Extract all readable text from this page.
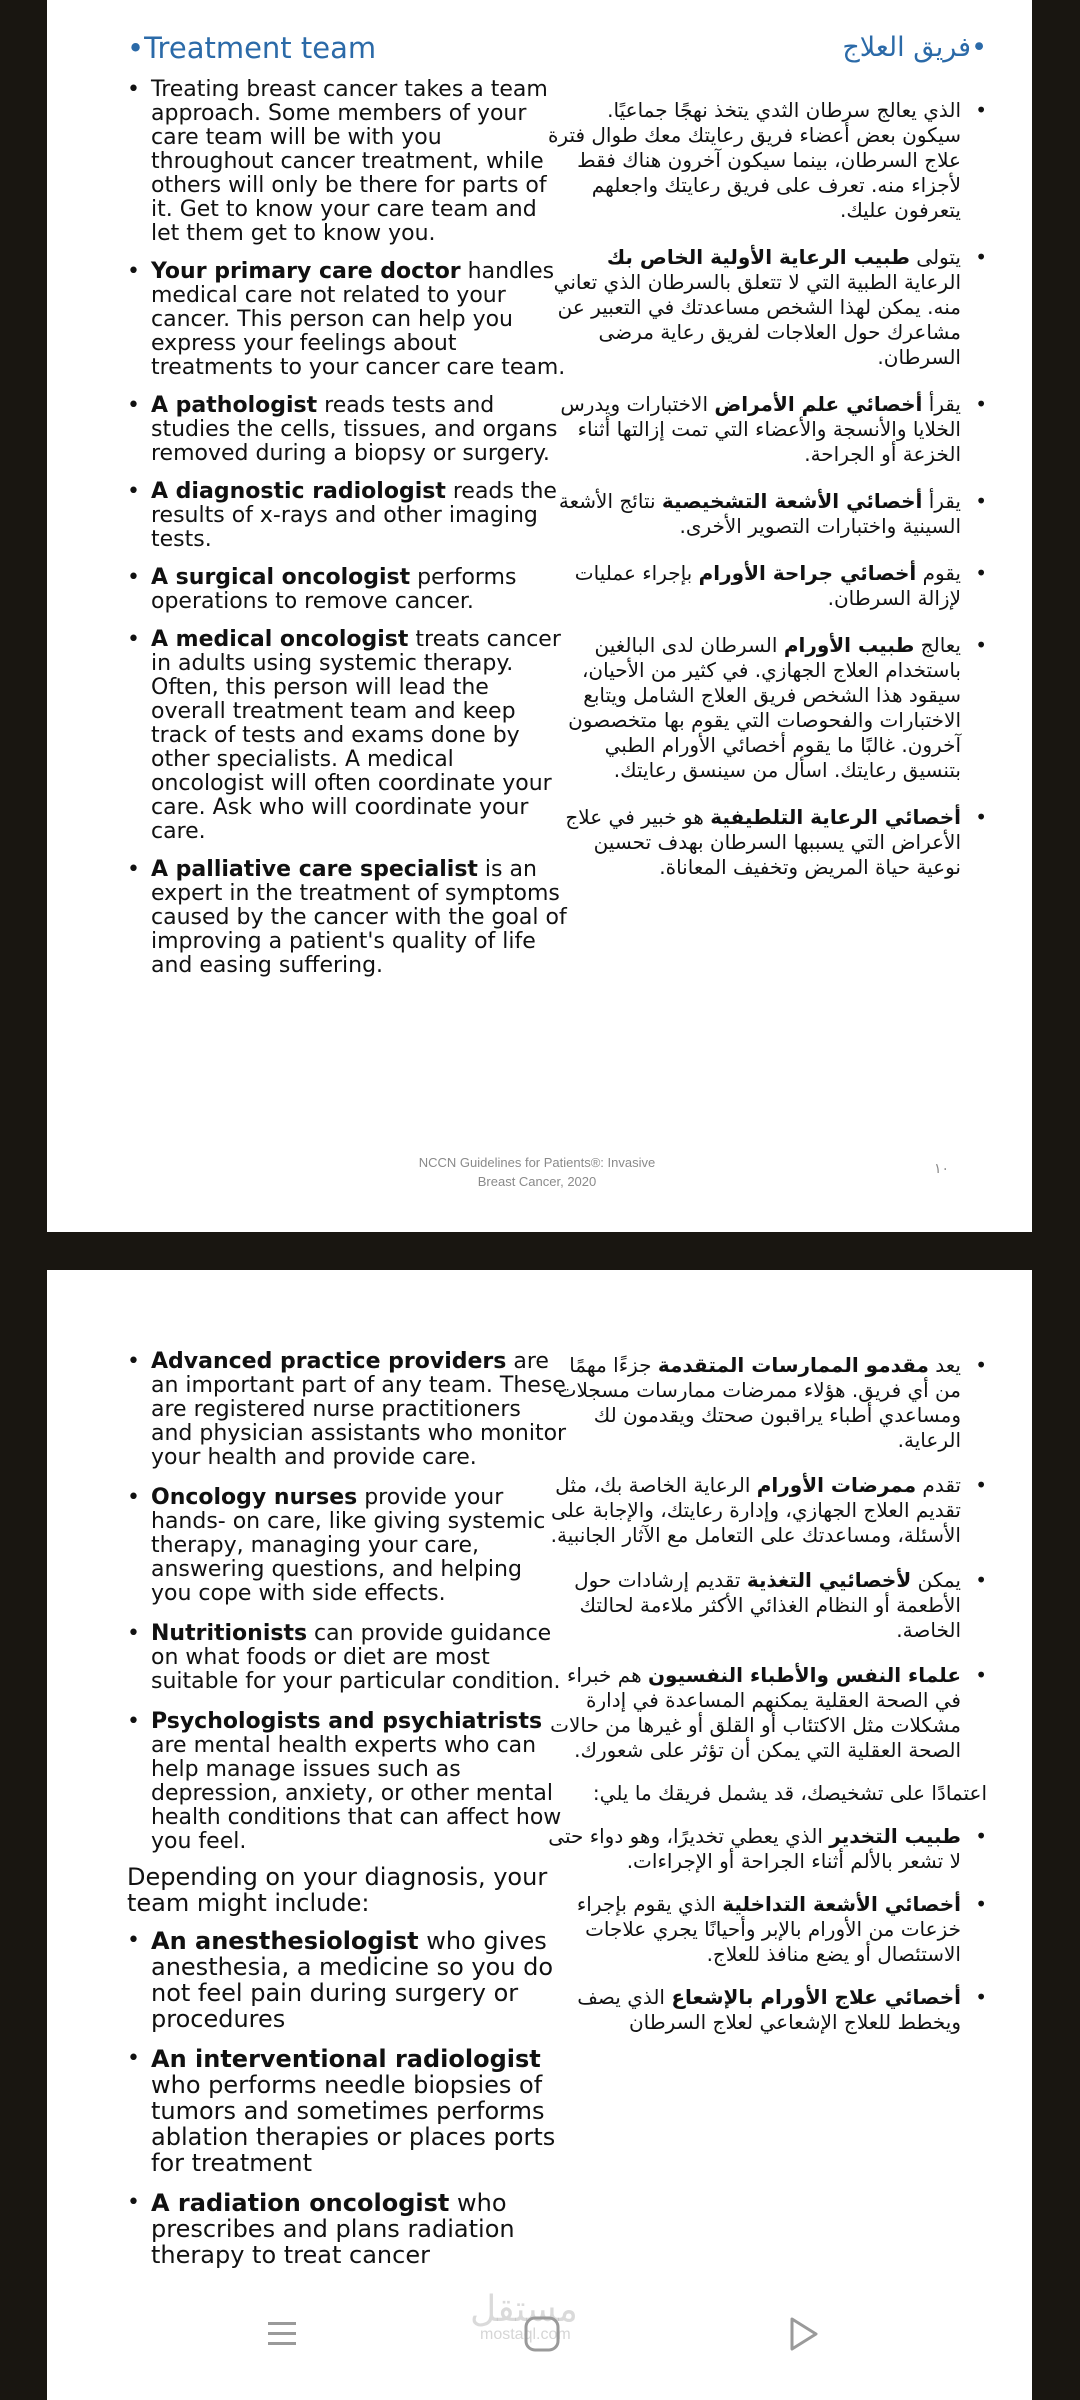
• Treatment team
•	فريق العلاج
• Treating breast cancer takes a team approach. Some members of your care team will be with you throughout cancer treatment, while others will only be there for parts of it. Get to know your care team and let them get to know you.
• Your primary care doctor handles medical care not related to your cancer. This person can help you express your feelings about treatments to your cancer care team.
• A pathologist reads tests and studies the cells, tissues, and organs removed during a biopsy or surgery.
• A diagnostic radiologist reads the results of x-rays and other imaging tests.
• A surgical oncologist performs operations to remove cancer.
• A medical oncologist treats cancer in adults using systemic therapy. Often, this person will lead the overall treatment team and keep track of tests and exams done by other specialists. A medical oncologist will often coordinate your care. Ask who will coordinate your care.
• A palliative care specialist is an expert in the treatment of symptoms caused by the cancer with the goal of improving a patient's quality of life and easing suffering.
• الذي يعالج سرطان الثدي يتخذ نهجًا جماعيًا. سيكون بعض أعضاء فريق رعايتك معك طوال فترة علاج السرطان، بينما سيكون آخرون هناك فقط لأجزاء منه. تعرف على فريق رعايتك واجعلهم يتعرفون عليك.
• يتولى طبيب الرعاية الأولية الخاص بك الرعاية الطبية التي لا تتعلق بالسرطان الذي تعاني منه. يمكن لهذا الشخص مساعدتك في التعبير عن مشاعرك حول العلاجات لفريق رعاية مرضى السرطان.
• يقرأ أخصائي علم الأمراض الاختبارات ويدرس الخلايا والأنسجة والأعضاء التي تمت إزالتها أثناء الخزعة أو الجراحة.
• يقرأ أخصائي الأشعة التشخيصية نتائج الأشعة السينية واختبارات التصوير الأخرى.
• يقوم أخصائي جراحة الأورام بإجراء عمليات لإزالة السرطان.
• يعالج طبيب الأورام السرطان لدى البالغين باستخدام العلاج الجهازي. في كثير من الأحيان، سيقود هذا الشخص فريق العلاج الشامل ويتابع الاختبارات والفحوصات التي يقوم بها متخصصون آخرون. غالبًا ما يقوم أخصائي الأورام الطبي بتنسيق رعايتك. اسأل من سينسق رعايتك.
• أخصائي الرعاية التلطيفية هو خبير في علاج الأعراض التي يسببها السرطان بهدف تحسين نوعية حياة المريض وتخفيف المعاناة.
NCCN Guidelines for Patients®: Invasive
Breast Cancer, 2020
١٠
• Advanced practice providers are an important part of any team. These are registered nurse practitioners and physician assistants who monitor your health and provide care.
• Oncology nurses provide your hands- on care, like giving systemic therapy, managing your care, answering questions, and helping you cope with side effects.
• Nutritionists can provide guidance on what foods or diet are most suitable for your particular condition.
• Psychologists and psychiatrists are mental health experts who can help manage issues such as depression, anxiety, or other mental health conditions that can affect how you feel.
Depending on your diagnosis, your team might include:
• An anesthesiologist who gives anesthesia, a medicine so you do not feel pain during surgery or procedures
• An interventional radiologist who performs needle biopsies of tumors and sometimes performs ablation therapies or places ports for treatment
• A radiation oncologist who prescribes and plans radiation therapy to treat cancer
• يعد مقدمو الممارسات المتقدمة جزءًا مهمًا من أي فريق. هؤلاء ممرضات ممارسات مسجلات ومساعدي أطباء يراقبون صحتك ويقدمون لك الرعاية.
• تقدم ممرضات الأورام الرعاية الخاصة بك، مثل تقديم العلاج الجهازي، وإدارة رعايتك، والإجابة على الأسئلة، ومساعدتك على التعامل مع الآثار الجانبية.
• يمكن لأخصائيي التغذية تقديم إرشادات حول الأطعمة أو النظام الغذائي الأكثر ملاءمة لحالتك الخاصة.
• علماء النفس والأطباء النفسيون هم خبراء في الصحة العقلية يمكنهم المساعدة في إدارة مشكلات مثل الاكتئاب أو القلق أو غيرها من حالات الصحة العقلية التي يمكن أن تؤثر على شعورك.
اعتمادًا على تشخيصك، قد يشمل فريقك ما يلي:
• طبيب التخدير الذي يعطي تخديرًا، وهو دواء حتى لا تشعر بالألم أثناء الجراحة أو الإجراءات.
• أخصائي الأشعة التداخلية الذي يقوم بإجراء خزعات من الأورام بالإبر وأحيانًا يجري علاجات الاستئصال أو يضع منافذ للعلاج.
• أخصائي علاج الأورام بالإشعاع الذي يصف ويخطط للعلاج الإشعاعي لعلاج السرطان
مستقل
mostaql.com
